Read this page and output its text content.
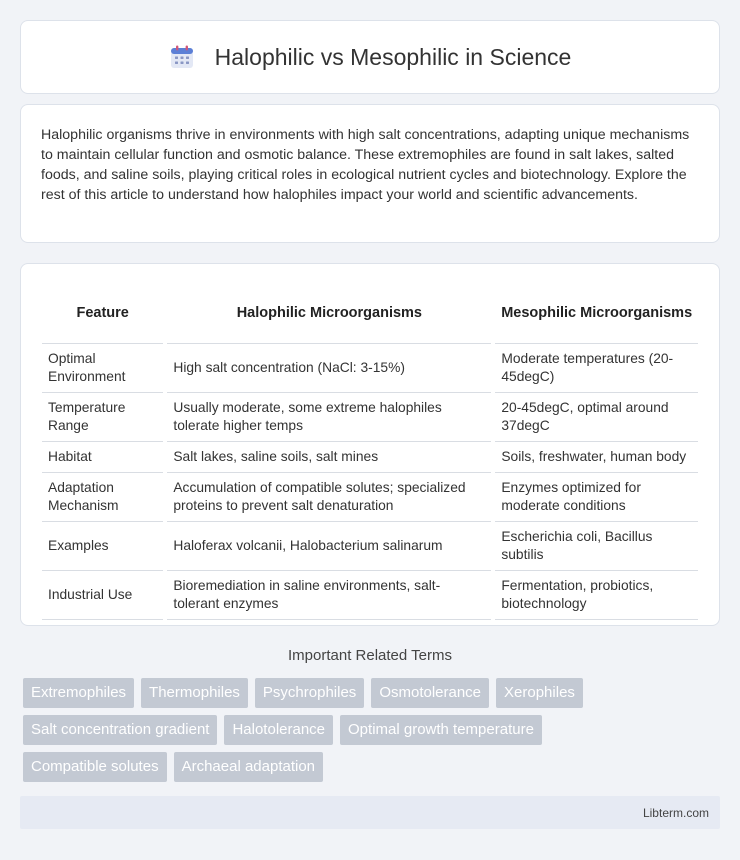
Halophilic vs Mesophilic in Science

Halophilic organisms thrive in environments with high salt concentrations, adapting unique mechanisms to maintain cellular function and osmotic balance. These extremophiles are found in salt lakes, salted foods, and saline soils, playing critical roles in ecological nutrient cycles and biotechnology. Explore the rest of this article to understand how halophiles impact your world and scientific advancements.

Feature	Halophilic Microorganisms	Mesophilic Microorganisms
Optimal Environment	High salt concentration (NaCl: 3-15%)	Moderate temperatures (20-45degC)
Temperature Range	Usually moderate, some extreme halophiles tolerate higher temps	20-45degC, optimal around 37degC
Habitat	Salt lakes, saline soils, salt mines	Soils, freshwater, human body
Adaptation Mechanism	Accumulation of compatible solutes; specialized proteins to prevent salt denaturation	Enzymes optimized for moderate conditions
Examples	Haloferax volcanii, Halobacterium salinarum	Escherichia coli, Bacillus subtilis
Industrial Use	Bioremediation in saline environments, salt-tolerant enzymes	Fermentation, probiotics, biotechnology
Important Related Terms
Extremophiles	Thermophiles	Psychrophiles	Osmotolerance	Xerophiles
Salt concentration gradient	Halotolerance	Optimal growth temperature
Compatible solutes	Archaeal adaptation
Libterm.com
